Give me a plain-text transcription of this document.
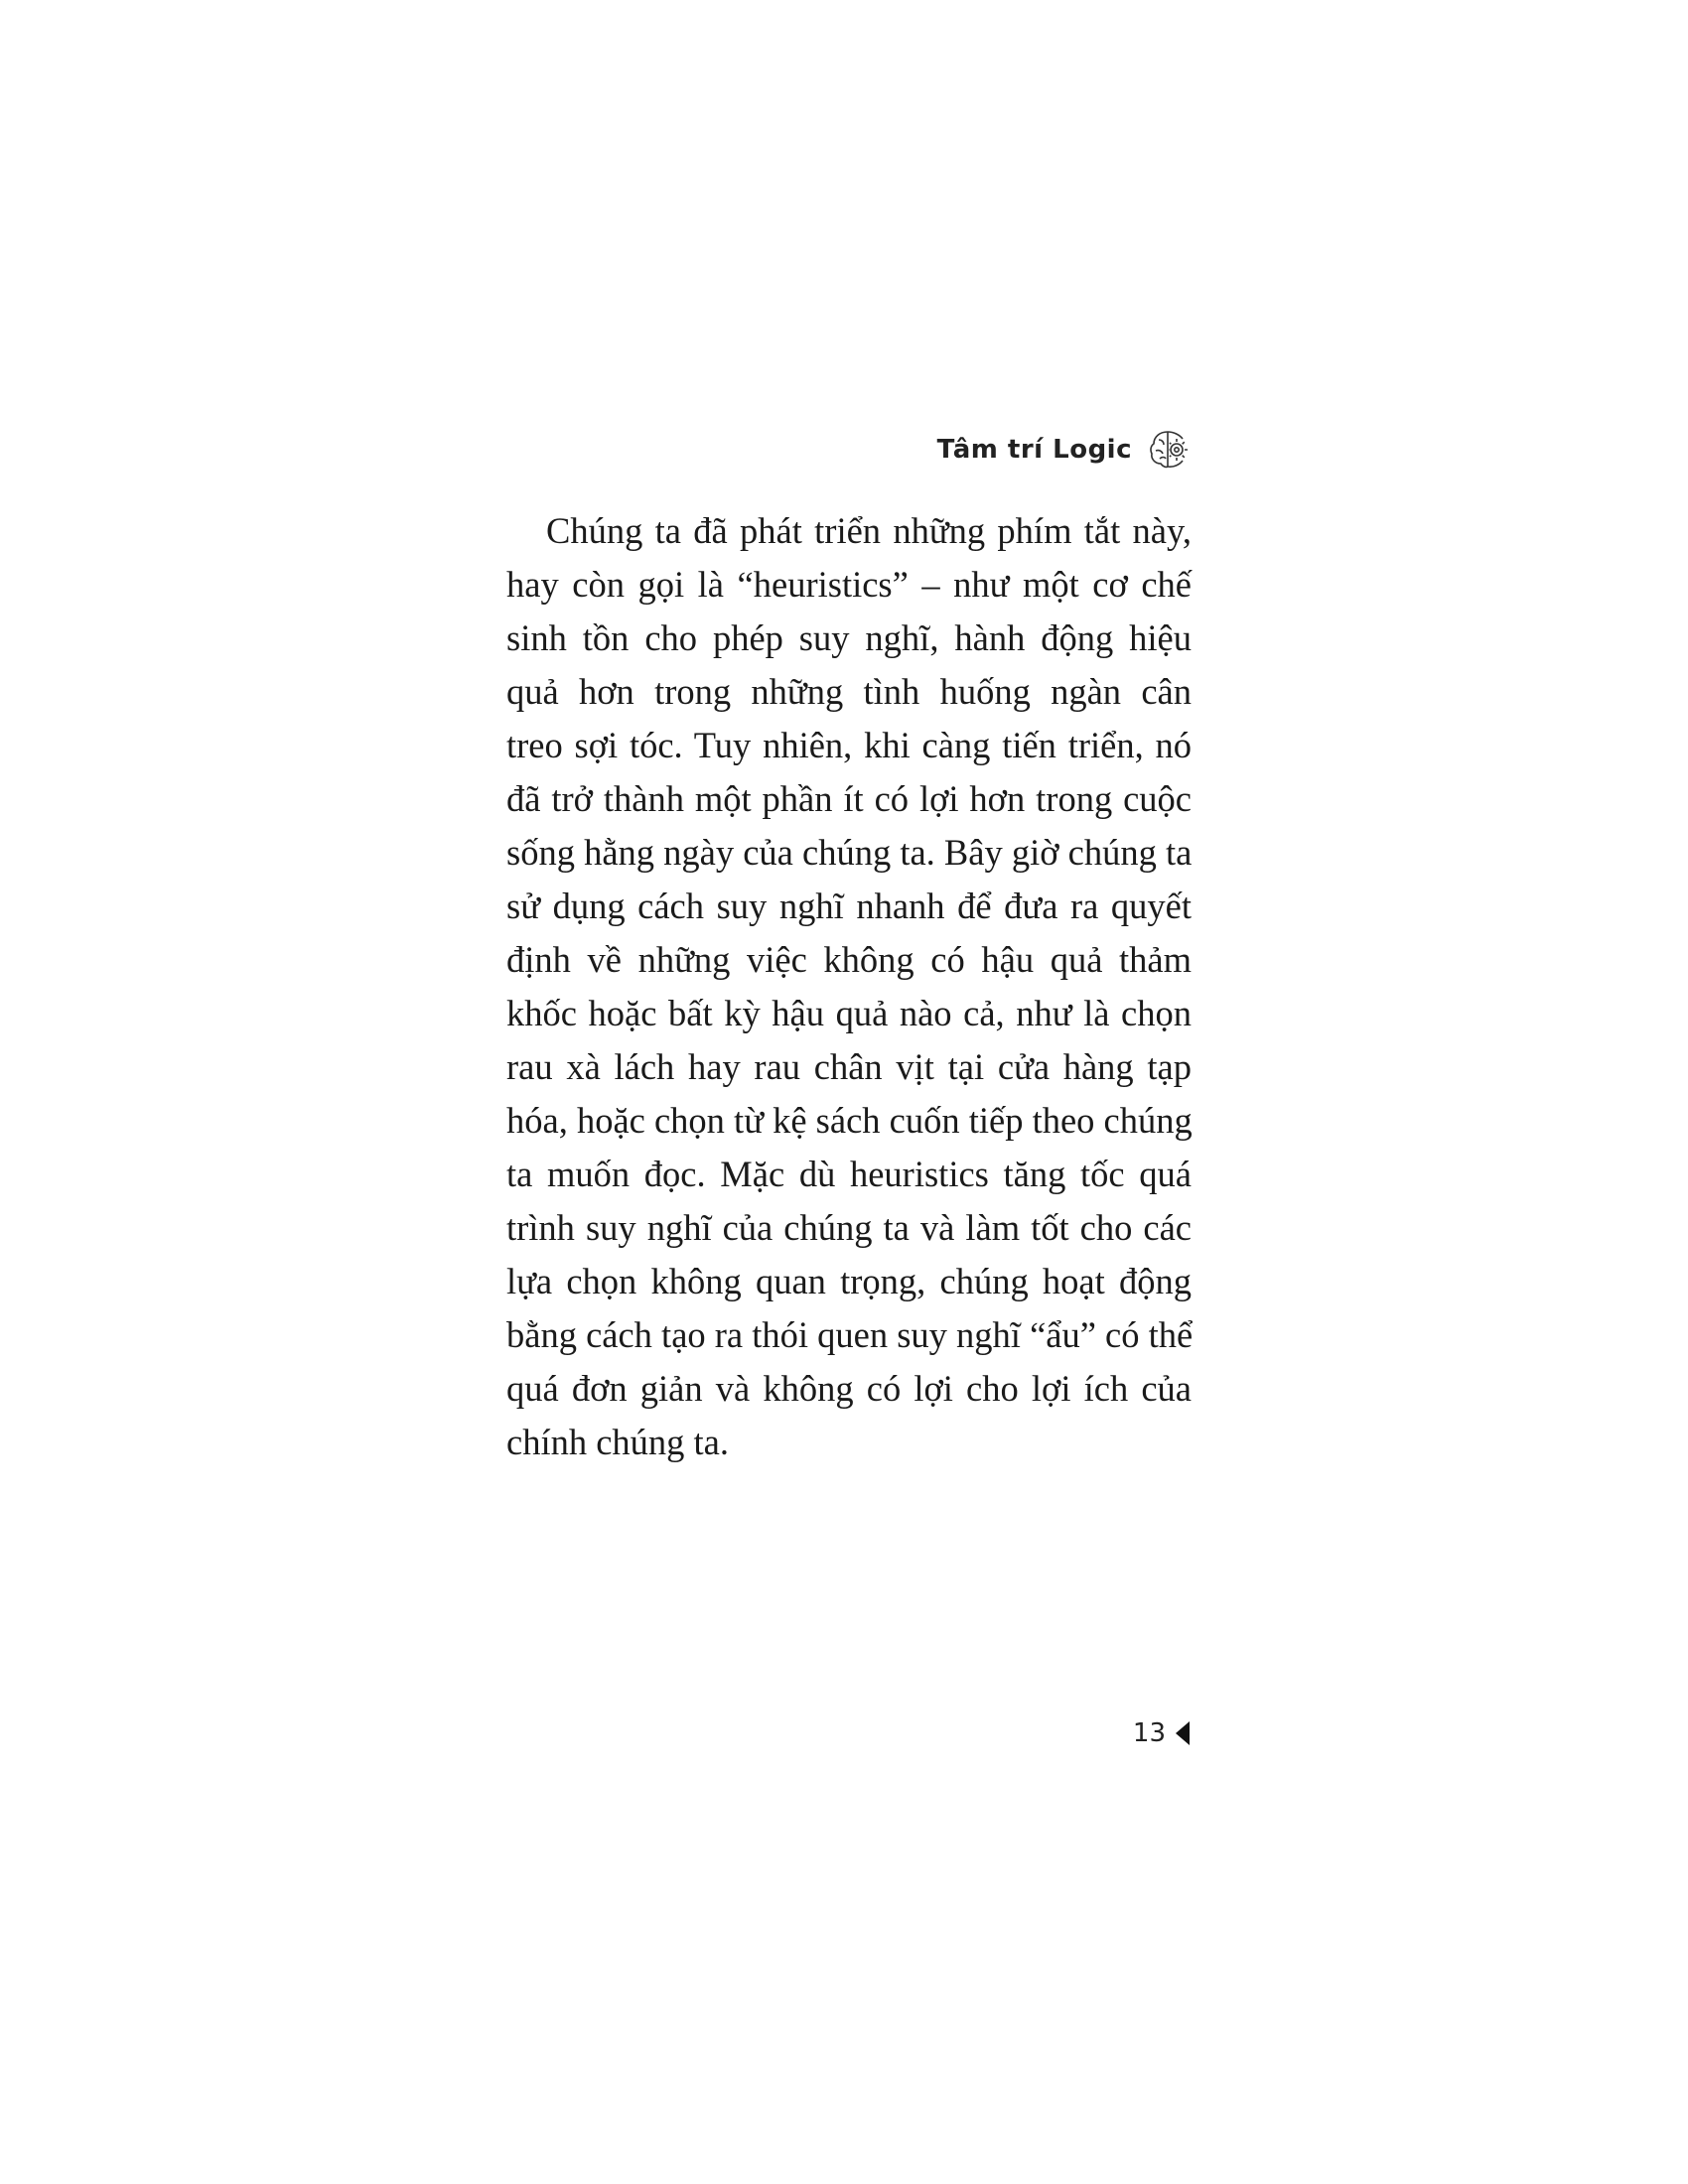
Tâm trí Logic
Chúng ta đã phát triển những phím tắt này,
hay còn gọi là “heuristics” – như một cơ chế
sinh tồn cho phép suy nghĩ, hành động hiệu
quả hơn trong những tình huống ngàn cân
treo sợi tóc. Tuy nhiên, khi càng tiến triển, nó
đã trở thành một phần ít có lợi hơn trong cuộc
sống hằng ngày của chúng ta. Bây giờ chúng ta
sử dụng cách suy nghĩ nhanh để đưa ra quyết
định về những việc không có hậu quả thảm
khốc hoặc bất kỳ hậu quả nào cả, như là chọn
rau xà lách hay rau chân vịt tại cửa hàng tạp
hóa, hoặc chọn từ kệ sách cuốn tiếp theo chúng
ta muốn đọc. Mặc dù heuristics tăng tốc quá
trình suy nghĩ của chúng ta và làm tốt cho các
lựa chọn không quan trọng, chúng hoạt động
bằng cách tạo ra thói quen suy nghĩ “ẩu” có thể
quá đơn giản và không có lợi cho lợi ích của
chính chúng ta.
13
